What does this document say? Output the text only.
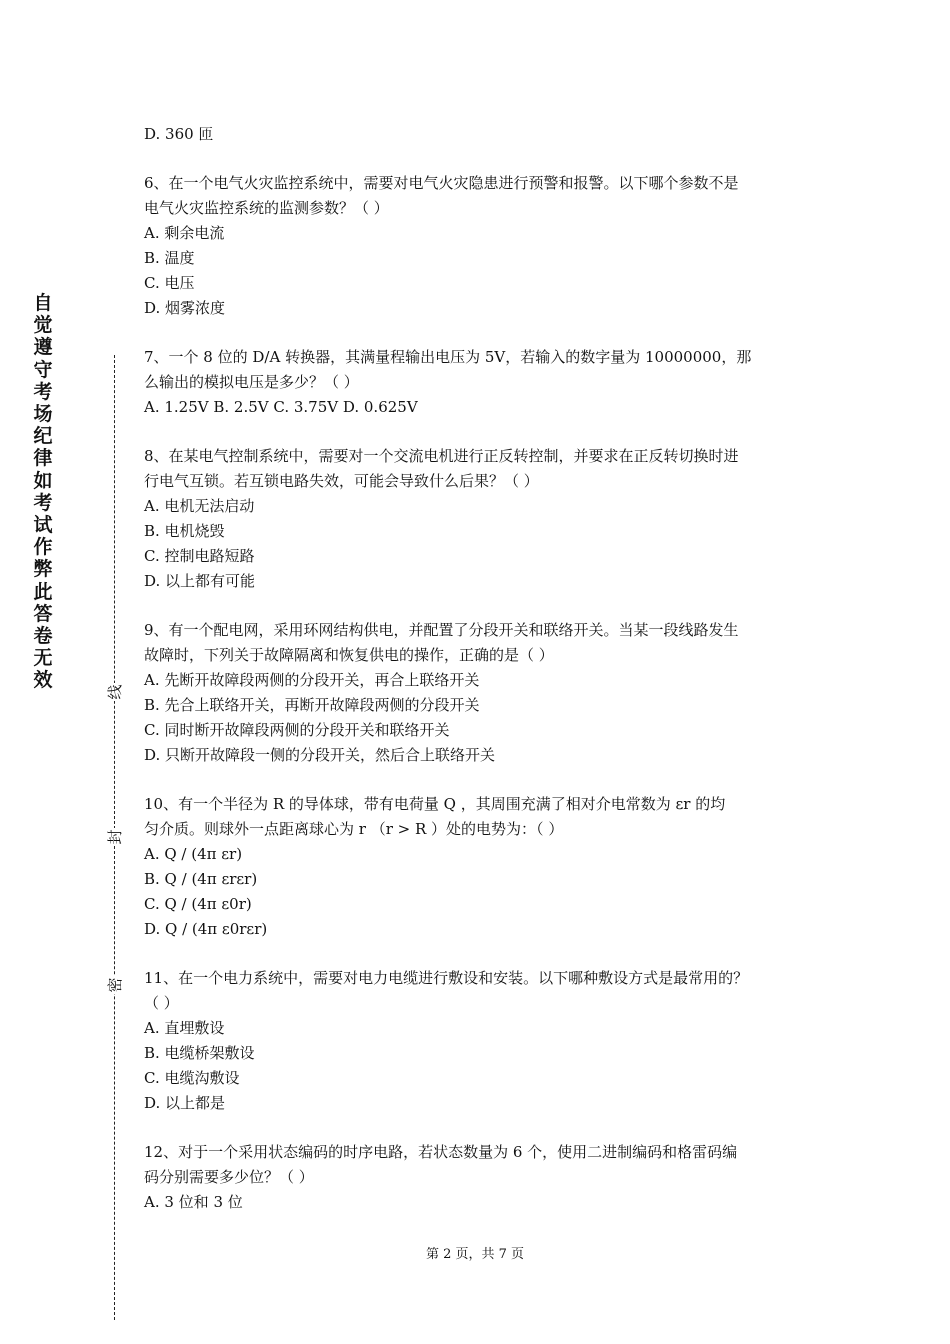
自觉遵守考场纪律如考试作弊此答卷无效
线
封
密
D. 360 匝
6、在一个电气火灾监控系统中，需要对电气火灾隐患进行预警和报警。以下哪个参数不是
电气火灾监控系统的监测参数？（ ）
A. 剩余电流
B. 温度
C. 电压
D. 烟雾浓度
7、一个 8 位的 D/A 转换器，其满量程输出电压为 5V，若输入的数字量为 10000000，那
么输出的模拟电压是多少？（ ）
A. 1.25V B. 2.5V C. 3.75V D. 0.625V
8、在某电气控制系统中，需要对一个交流电机进行正反转控制，并要求在正反转切换时进
行电气互锁。若互锁电路失效，可能会导致什么后果？（ ）
A. 电机无法启动
B. 电机烧毁
C. 控制电路短路
D. 以上都有可能
9、有一个配电网，采用环网结构供电，并配置了分段开关和联络开关。当某一段线路发生
故障时，下列关于故障隔离和恢复供电的操作，正确的是（ ）
A. 先断开故障段两侧的分段开关，再合上联络开关
B. 先合上联络开关，再断开故障段两侧的分段开关
C. 同时断开故障段两侧的分段开关和联络开关
D. 只断开故障段一侧的分段开关，然后合上联络开关
10、有一个半径为 R 的导体球，带有电荷量 Q ，其周围充满了相对介电常数为 εr 的均
匀介质。则球外一点距离球心为 r （r > R ）处的电势为：（ ）
A. Q / (4π εr)
B. Q / (4π εrεr)
C. Q / (4π ε0r)
D. Q / (4π ε0rεr)
11、在一个电力系统中，需要对电力电缆进行敷设和安装。以下哪种敷设方式是最常用的？
（ ）
A. 直埋敷设
B. 电缆桥架敷设
C. 电缆沟敷设
D. 以上都是
12、对于一个采用状态编码的时序电路，若状态数量为 6 个，使用二进制编码和格雷码编
码分别需要多少位？（ ）
A. 3 位和 3 位
第 2 页，共 7 页
